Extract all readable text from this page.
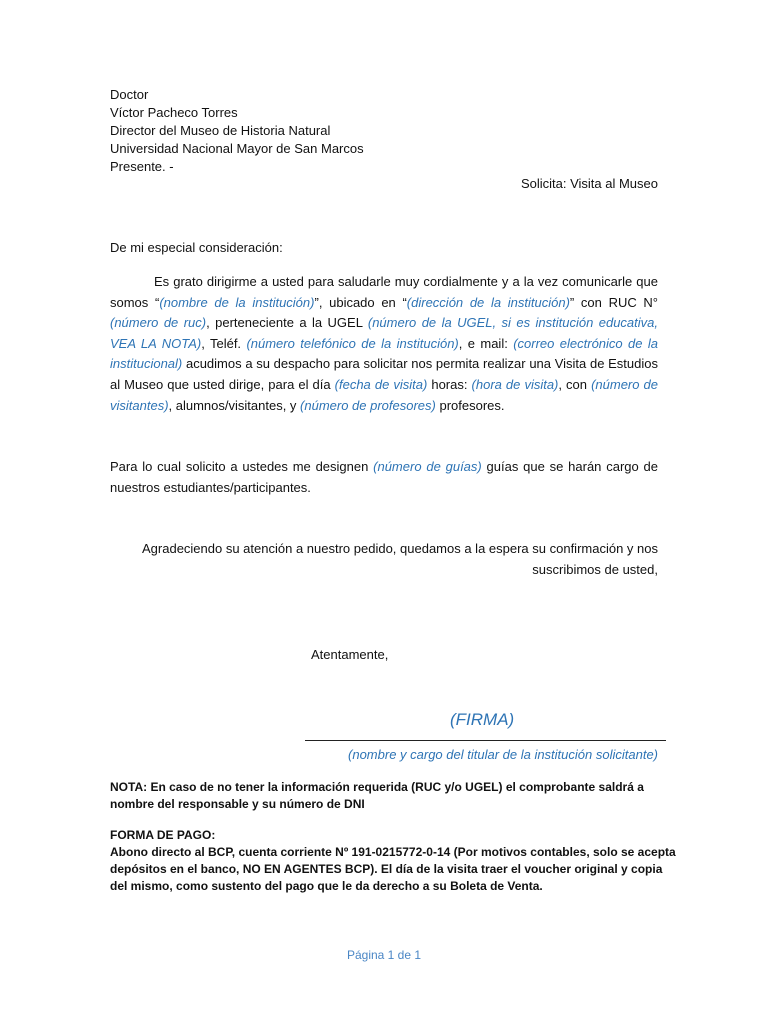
Doctor
Víctor Pacheco Torres
Director del Museo de Historia Natural
Universidad Nacional Mayor de San Marcos
Presente. -
Solicita: Visita al Museo
De mi especial consideración:
Es grato dirigirme a usted para saludarle muy cordialmente y a la vez comunicarle que somos “(nombre de la institución)”, ubicado en “(dirección de la institución)” con RUC N° (número de ruc), perteneciente a la UGEL (número de la UGEL, si es institución educativa, VEA LA NOTA), Teléf. (número telefónico de la institución), e mail: (correo electrónico de la institucional) acudimos a su despacho para solicitar nos permita realizar una Visita de Estudios al Museo que usted dirige, para el día (fecha de visita) horas: (hora de visita), con (número de visitantes), alumnos/visitantes, y (número de profesores) profesores.
Para lo cual solicito a ustedes me designen (número de guías) guías que se harán cargo de nuestros estudiantes/participantes.
Agradeciendo su atención a nuestro pedido, quedamos a la espera su confirmación y nos suscribimos de usted,
Atentamente,
(FIRMA)
(nombre y cargo del titular de la institución solicitante)
NOTA: En caso de no tener la información requerida (RUC y/o UGEL) el comprobante saldrá a nombre del responsable y su número de DNI
FORMA DE PAGO:
Abono directo al BCP, cuenta corriente Nº 191-0215772-0-14 (Por motivos contables, solo se acepta depósitos en el banco, NO EN AGENTES BCP). El día de la visita traer el voucher original y copia del mismo, como sustento del pago que le da derecho a su Boleta de Venta.
Página 1 de 1
